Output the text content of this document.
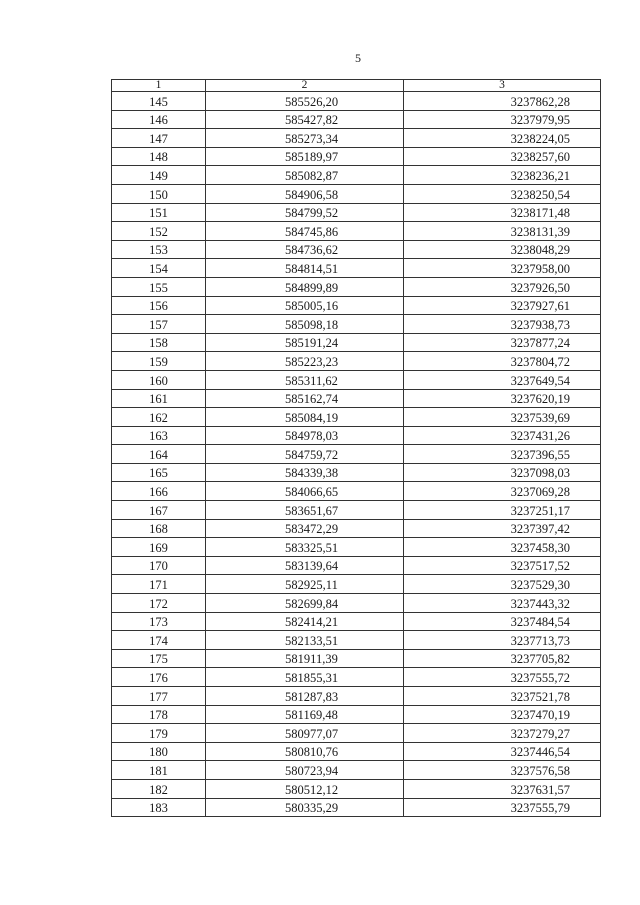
5
1	2	3
145	585526,20	3237862,28
146	585427,82	3237979,95
147	585273,34	3238224,05
148	585189,97	3238257,60
149	585082,87	3238236,21
150	584906,58	3238250,54
151	584799,52	3238171,48
152	584745,86	3238131,39
153	584736,62	3238048,29
154	584814,51	3237958,00
155	584899,89	3237926,50
156	585005,16	3237927,61
157	585098,18	3237938,73
158	585191,24	3237877,24
159	585223,23	3237804,72
160	585311,62	3237649,54
161	585162,74	3237620,19
162	585084,19	3237539,69
163	584978,03	3237431,26
164	584759,72	3237396,55
165	584339,38	3237098,03
166	584066,65	3237069,28
167	583651,67	3237251,17
168	583472,29	3237397,42
169	583325,51	3237458,30
170	583139,64	3237517,52
171	582925,11	3237529,30
172	582699,84	3237443,32
173	582414,21	3237484,54
174	582133,51	3237713,73
175	581911,39	3237705,82
176	581855,31	3237555,72
177	581287,83	3237521,78
178	581169,48	3237470,19
179	580977,07	3237279,27
180	580810,76	3237446,54
181	580723,94	3237576,58
182	580512,12	3237631,57
183	580335,29	3237555,79
